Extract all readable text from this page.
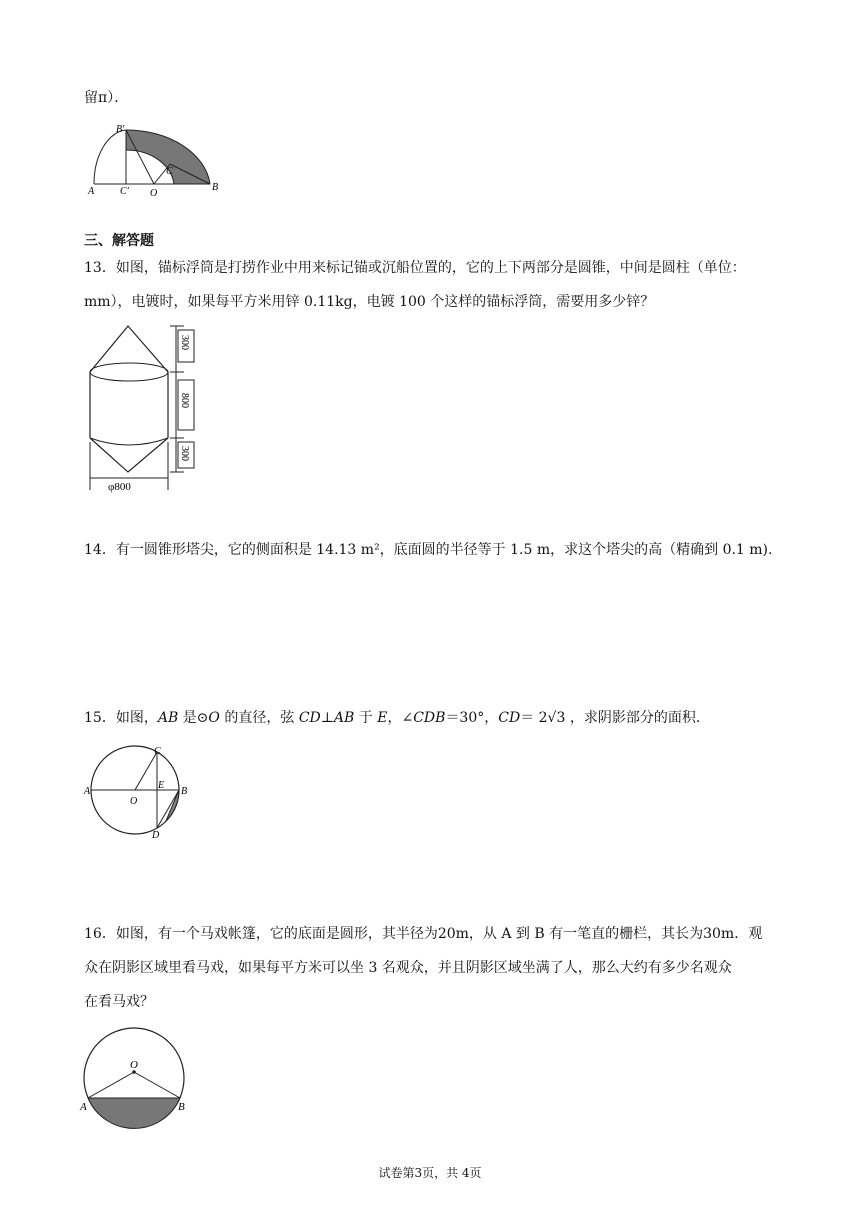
留π）．
B′
A	C′ O
C
B
三、解答题
13．如图，锚标浮筒是打捞作业中用来标记锚或沉船位置的，它的上下两部分是圆锥，中间是圆柱（单位：
mm），电镀时，如果每平方米用锌 0.11kg，电镀 100 个这样的锚标浮筒，需要用多少锌？
300
800
300
φ800
14．有一圆锥形塔尖，它的侧面积是 14.13 m²，底面圆的半径等于 1.5 m，求这个塔尖的高（精确到 0.1 m).
15．如图，AB 是⊙O 的直径，弦 CD⊥AB 于 E，∠CDB＝30°，CD＝ 2√3 ，求阴影部分的面积.
C
A
O
E
B
D
16．如图，有一个马戏帐篷，它的底面是圆形，其半径为20m，从 A 到 B 有一笔直的栅栏，其长为30m．观
众在阴影区域里看马戏，如果每平方米可以坐 3 名观众，并且阴影区域坐满了人，那么大约有多少名观众
在看马戏？
O
A	B
试卷第3页，共 4页
